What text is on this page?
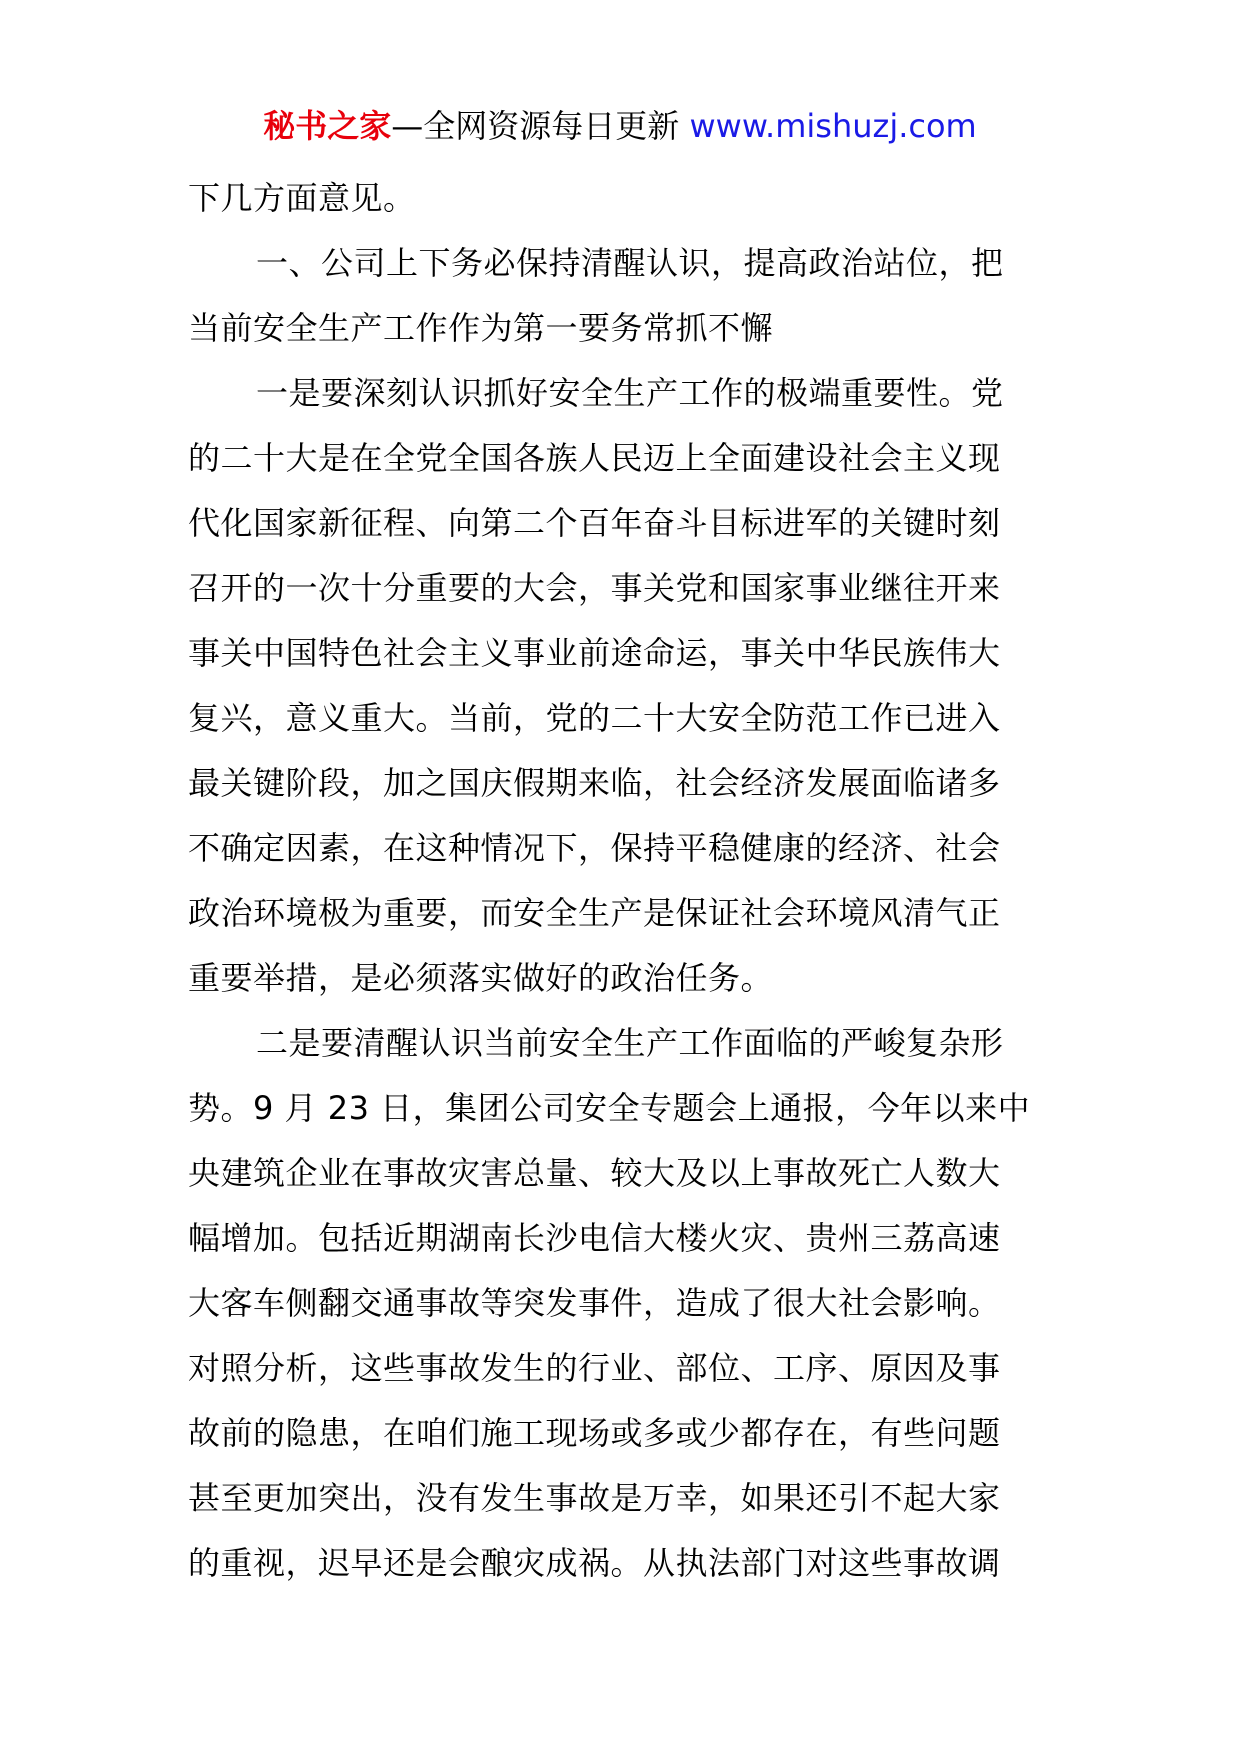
秘书之家—全网资源每日更新 www.mishuzj.com
下几方面意见。
一、公司上下务必保持清醒认识，提高政治站位，把
当前安全生产工作作为第一要务常抓不懈
一是要深刻认识抓好安全生产工作的极端重要性。党
的二十大是在全党全国各族人民迈上全面建设社会主义现
代化国家新征程、向第二个百年奋斗目标进军的关键时刻
召开的一次十分重要的大会，事关党和国家事业继往开来
事关中国特色社会主义事业前途命运，事关中华民族伟大
复兴，意义重大。当前，党的二十大安全防范工作已进入
最关键阶段，加之国庆假期来临，社会经济发展面临诸多
不确定因素，在这种情况下，保持平稳健康的经济、社会
政治环境极为重要，而安全生产是保证社会环境风清气正
重要举措，是必须落实做好的政治任务。
二是要清醒认识当前安全生产工作面临的严峻复杂形
势。9 月 23 日，集团公司安全专题会上通报，今年以来中
央建筑企业在事故灾害总量、较大及以上事故死亡人数大
幅增加。包括近期湖南长沙电信大楼火灾、贵州三荔高速
大客车侧翻交通事故等突发事件，造成了很大社会影响。
对照分析，这些事故发生的行业、部位、工序、原因及事
故前的隐患，在咱们施工现场或多或少都存在，有些问题
甚至更加突出，没有发生事故是万幸，如果还引不起大家
的重视，迟早还是会酿灾成祸。从执法部门对这些事故调
